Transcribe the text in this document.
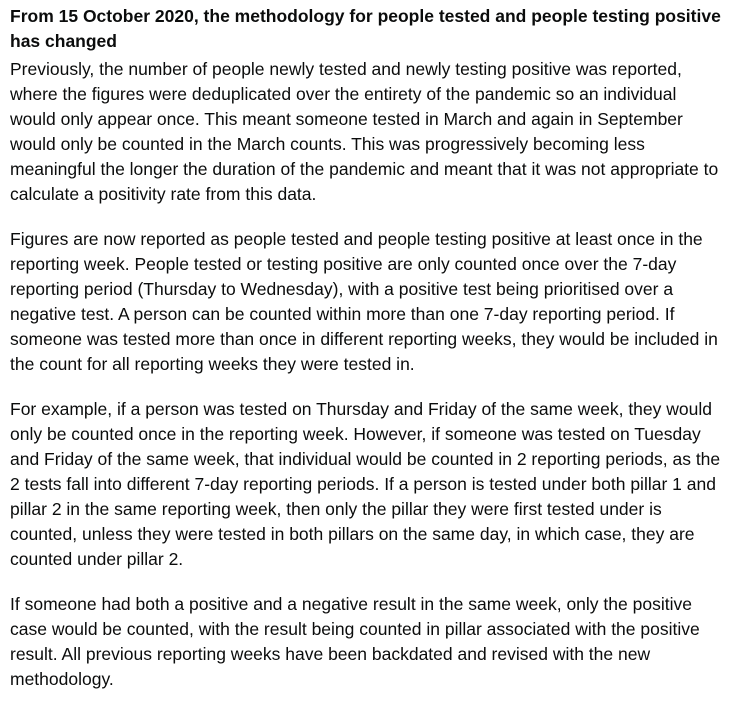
From 15 October 2020, the methodology for people tested and people testing positive has changed

Previously, the number of people newly tested and newly testing positive was reported, where the figures were deduplicated over the entirety of the pandemic so an individual would only appear once. This meant someone tested in March and again in September would only be counted in the March counts. This was progressively becoming less meaningful the longer the duration of the pandemic and meant that it was not appropriate to calculate a positivity rate from this data.

Figures are now reported as people tested and people testing positive at least once in the reporting week. People tested or testing positive are only counted once over the 7-day reporting period (Thursday to Wednesday), with a positive test being prioritised over a negative test. A person can be counted within more than one 7-day reporting period. If someone was tested more than once in different reporting weeks, they would be included in the count for all reporting weeks they were tested in.

For example, if a person was tested on Thursday and Friday of the same week, they would only be counted once in the reporting week. However, if someone was tested on Tuesday and Friday of the same week, that individual would be counted in 2 reporting periods, as the 2 tests fall into different 7-day reporting periods. If a person is tested under both pillar 1 and pillar 2 in the same reporting week, then only the pillar they were first tested under is counted, unless they were tested in both pillars on the same day, in which case, they are counted under pillar 2.

If someone had both a positive and a negative result in the same week, only the positive case would be counted, with the result being counted in pillar associated with the positive result. All previous reporting weeks have been backdated and revised with the new methodology.
